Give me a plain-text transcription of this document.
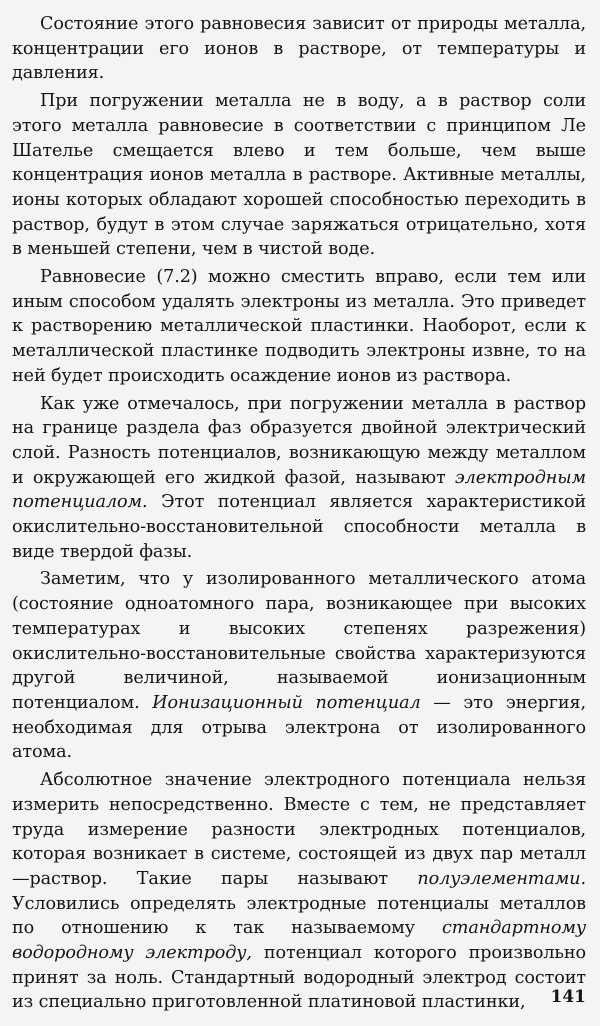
Состояние этого равновесия зависит от природы металла, концентрации его ионов в растворе, от температуры и давления.

При погружении металла не в воду, а в раствор соли этого металла равновесие в соответствии с принципом Ле Шателье смещается влево и тем больше, чем выше концентрация ионов металла в растворе. Активные металлы, ионы которых обладают хорошей способностью переходить в раствор, будут в этом случае заряжаться отрицательно, хотя в меньшей степени, чем в чистой воде.

Равновесие (7.2) можно сместить вправо, если тем или иным способом удалять электроны из металла. Это приведет к растворению металлической пластинки. Наоборот, если к металлической пластинке подводить электроны извне, то на ней будет происходить осаждение ионов из раствора.

Как уже отмечалось, при погружении металла в раствор на границе раздела фаз образуется двойной электрический слой. Разность потенциалов, возникающую между металлом и окружающей его жидкой фазой, называют электродным потенциалом. Этот потенциал является характеристикой окислительно-восстановительной способности металла в виде твердой фазы.

Заметим, что у изолированного металлического атома (состояние одноатомного пара, возникающее при высоких температурах и высоких степенях разрежения) окислительно-восстановительные свойства характеризуются другой величиной, называемой ионизационным потенциалом. Ионизационный потенциал — это энергия, необходимая для отрыва электрона от изолированного атома.

Абсолютное значение электродного потенциала нельзя измерить непосредственно. Вместе с тем, не представляет труда измерение разности электродных потенциалов, которая возникает в системе, состоящей из двух пар металл—раствор. Такие пары называют полуэлементами. Условились определять электродные потенциалы металлов по отношению к так называемому стандартному водородному электроду, потенциал которого произвольно принят за ноль. Стандартный водородный электрод состоит из специально приготовленной платиновой пластинки,	141
